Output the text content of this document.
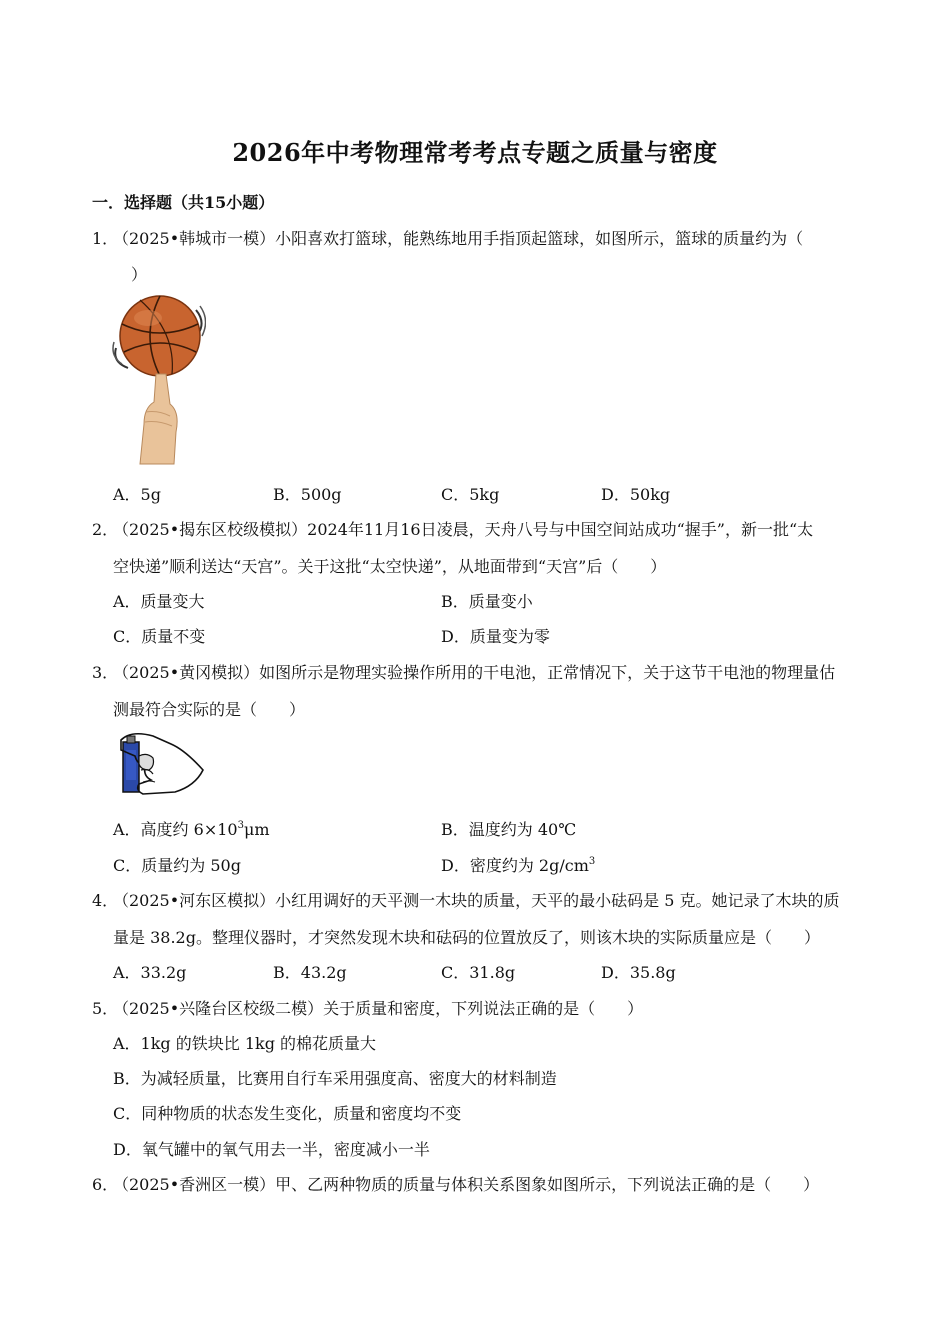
2026年中考物理常考考点专题之质量与密度
一．选择题（共15小题）
1．
（2025•韩城市一模）小阳喜欢打篮球，能熟练地用手指顶起篮球，如图所示，篮球的质量约为（
）
A．5g	B．500g	C．5kg	D．50kg
2．
（2025•揭东区校级模拟）2024年11月16日凌晨，天舟八号与中国空间站成功“握手”，新一批“太
空快递”顺利送达“天宫”。关于这批“太空快递”，从地面带到“天宫”后（　　）
A．质量变大	B．质量变小
C．质量不变	D．质量变为零
3．
（2025•黄冈模拟）如图所示是物理实验操作所用的干电池，正常情况下，关于这节干电池的物理量估
测最符合实际的是（　　）
A．高度约 $6\times 10^3\mu m$	B．温度约为 40℃
C．质量约为 50g	D．密度约为 $2g/cm^3$
4．
（2025•河东区模拟）小红用调好的天平测一木块的质量，天平的最小砝码是 5 克。她记录了木块的质
量是 38.2g。整理仪器时，才突然发现木块和砝码的位置放反了，则该木块的实际质量应是（　　）
A．33.2g	B．43.2g	C．31.8g	D．35.8g
5．
（2025•兴隆台区校级二模）关于质量和密度，下列说法正确的是（　　）
A．1kg 的铁块比 1kg 的棉花质量大
B．为减轻质量，比赛用自行车采用强度高、密度大的材料制造
C．同种物质的状态发生变化，质量和密度均不变
D．氧气罐中的氧气用去一半，密度减小一半
6．
（2025•香洲区一模）甲、乙两种物质的质量与体积关系图象如图所示，下列说法正确的是（　　）
